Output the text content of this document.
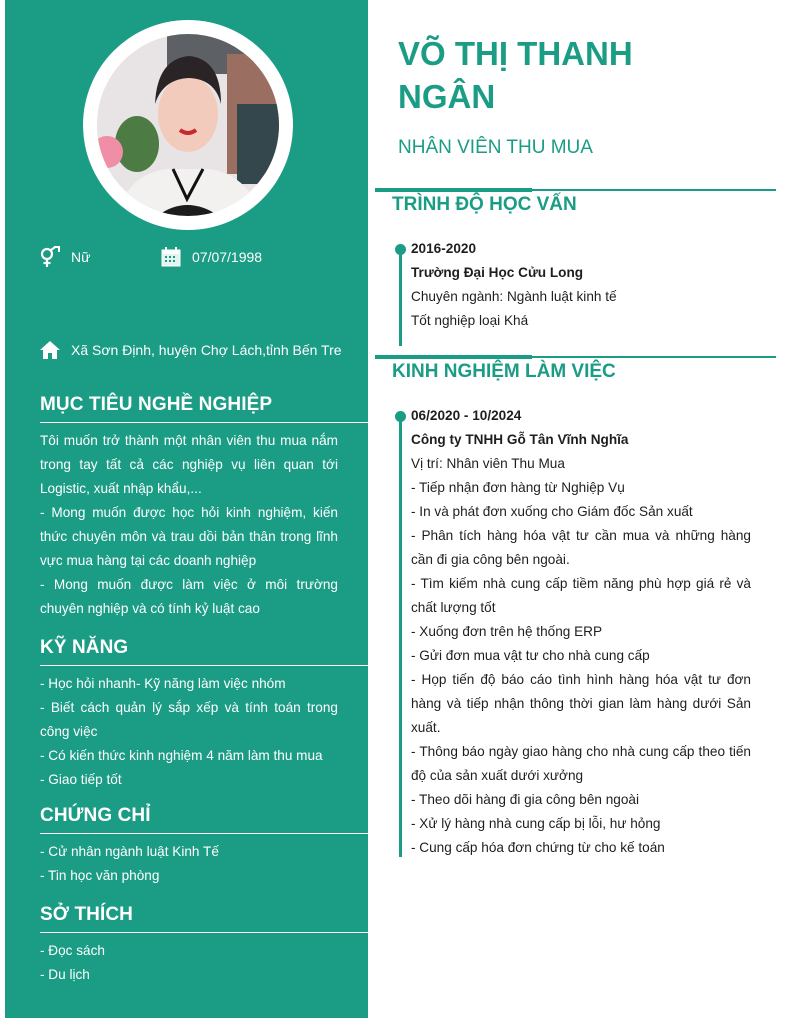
Nữ	07/07/1998
Xã Sơn Định, huyện Chợ Lách,tỉnh Bến Tre
MỤC TIÊU NGHỀ NGHIỆP

Tôi muốn trở thành một nhân viên thu mua nắm trong tay tất cả các nghiệp vụ liên quan tới Logistic, xuất nhập khẩu,...

- Mong muốn được học hỏi kinh nghiệm, kiến thức chuyên môn và trau dồi bản thân trong lĩnh vực mua hàng tại các doanh nghiệp

- Mong muốn được làm việc ở môi trường chuyên nghiệp và có tính kỷ luật cao

KỸ NĂNG

- Học hỏi nhanh- Kỹ năng làm việc nhóm

- Biết cách quản lý sắp xếp và tính toán trong công việc

- Có kiến thức kinh nghiệm 4 năm làm thu mua

- Giao tiếp tốt

CHỨNG CHỈ

- Cử nhân ngành luật Kinh Tế

- Tin học văn phòng

SỞ THÍCH

- Đọc sách

- Du lịch

VÕ THỊ THANH NGÂN
NHÂN VIÊN THU MUA
TRÌNH ĐỘ HỌC VẤN

2016-2020

Trường Đại Học Cửu Long

Chuyên ngành: Ngành luật kinh tế

Tốt nghiệp loại Khá

KINH NGHIỆM LÀM VIỆC

06/2020 - 10/2024

Công ty TNHH Gỗ Tân Vĩnh Nghĩa

Vị trí: Nhân viên Thu Mua

- Tiếp nhận đơn hàng từ Nghiệp Vụ

- In và phát đơn xuống cho Giám đốc Sản xuất

- Phân tích hàng hóa vật tư cần mua và những hàng cần đi gia công bên ngoài.

- Tìm kiếm nhà cung cấp tiềm năng phù hợp giá rẻ và chất lượng tốt

- Xuống đơn trên hệ thống ERP

- Gửi đơn mua vật tư cho nhà cung cấp

- Họp tiến độ báo cáo tình hình hàng hóa vật tư đơn hàng và tiếp nhận thông thời gian làm hàng dưới Sản xuất.

- Thông báo ngày giao hàng cho nhà cung cấp theo tiến độ của sản xuất dưới xưởng

- Theo dõi hàng đi gia công bên ngoài

- Xử lý hàng nhà cung cấp bị lỗi, hư hỏng

- Cung cấp hóa đơn chứng từ cho kế toán
